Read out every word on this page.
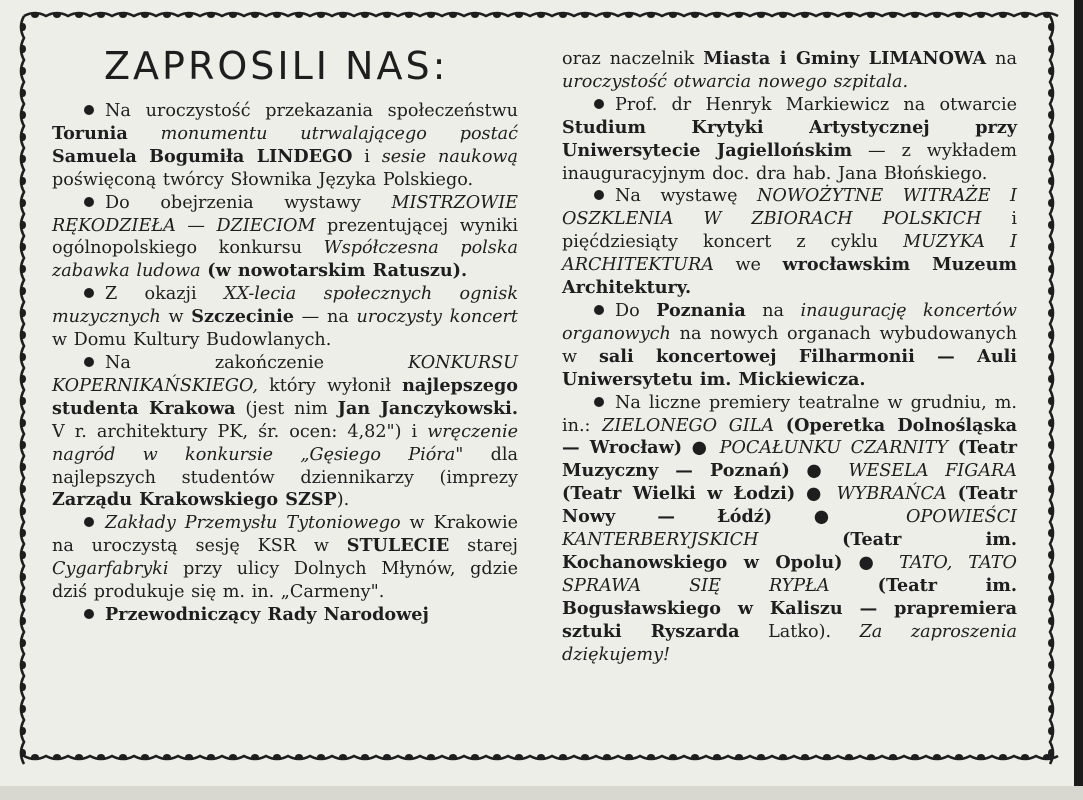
ZAPROSILI NAS:

Na uroczystość przekazania społeczeństwu Torunia monumentu utrwalającego postać Samuela Bogumiła LINDEGO i sesie naukową poświęconą twórcy Słownika Języka Polskiego.

Do obejrzenia wystawy MISTRZOWIE RĘKODZIEŁA — DZIECIOM prezentującej wyniki ogólnopolskiego konkursu Współczesna polska zabawka ludowa (w nowotarskim Ratuszu).

Z okazji XX-lecia społecznych ognisk muzycznych w Szczecinie — na uroczysty koncert w Domu Kultury Budowlanych.

Na zakończenie KONKURSU KOPERNIKAŃSKIEGO, który wyłonił najlepszego studenta Krakowa (jest nim Jan Janczykowski. V r. architektury PK, śr. ocen: 4,82") i wręczenie nagród w konkursie „Gęsiego Pióra" dla najlepszych studentów dziennikarzy (imprezy Zarządu Krakowskiego SZSP).

Zakłady Przemysłu Tytoniowego w Krakowie na uroczystą sesję KSR w STULECIE starej Cygarfabryki przy ulicy Dolnych Młynów, gdzie dziś produkuje się m. in. „Carmeny".

Przewodniczący Rady Narodowej

oraz naczelnik Miasta i Gminy LIMANOWA na uroczystość otwarcia nowego szpitala.

Prof. dr Henryk Markiewicz na otwarcie Studium Krytyki Artystycznej przy Uniwersytecie Jagiellońskim — z wykładem inauguracyjnym doc. dra hab. Jana Błońskiego.

Na wystawę NOWOŻYTNE WITRAŻE I OSZKLENIA W ZBIORACH POLSKICH i pięćdziesiąty koncert z cyklu MUZYKA I ARCHITEKTURA we wrocławskim Muzeum Architektury.

Do Poznania na inaugurację koncertów organowych na nowych organach wybudowanych w sali koncertowej Filharmonii — Auli Uniwersytetu im. Mickiewicza.

Na liczne premiery teatralne w grudniu, m. in.: ZIELONEGO GILA (Operetka Dolnośląska — Wrocław) ● POCAŁUNKU CZARNITY (Teatr Muzyczny — Poznań) ● WESELA FIGARA (Teatr Wielki w Łodzi) ● WYBRAŃCA (Teatr Nowy — Łódź) ● OPOWIEŚCI KANTERBERYJSKICH	(Teatr im. Kochanowskiego w Opolu) ● TATO, TATO SPRAWA SIĘ RYPŁA	(Teatr im. Bogusławskiego w Kaliszu — prapremiera sztuki Ryszarda Latko). Za zaproszenia dziękujemy!
